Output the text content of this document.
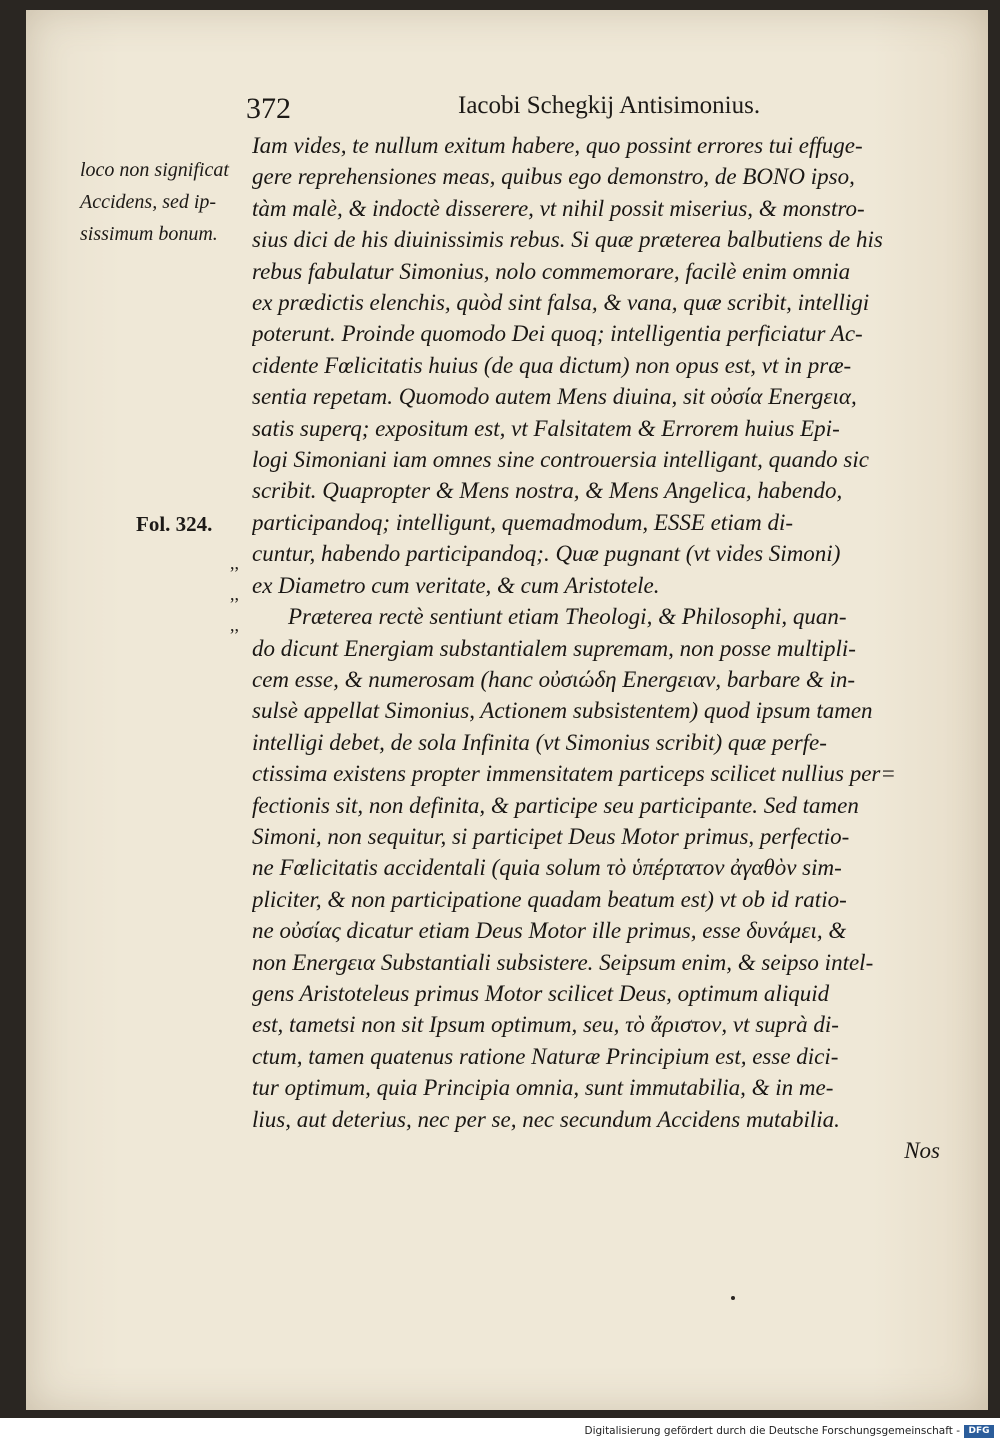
372	Iacobi Schegkij Antisimonius.
loco non significat
Accidens, sed ip-
sissimum bonum.
Fol. 324.
,,
,,
,,
Iam vides, te nullum exitum habere, quo possint errores tui effuge-
gere reprehensiones meas, quibus ego demonstro, de BONO ipso,
tàm malè, & indoctè disserere, vt nihil possit miserius, & monstro-
sius dici de his diuinissimis rebus. Si quæ præterea balbutiens de his
rebus fabulatur Simonius, nolo commemorare, facilè enim omnia
ex prædictis elenchis, quòd sint falsa, & vana, quæ scribit, intelligi
poterunt. Proinde quomodo Dei quoq; intelligentia perficiatur Ac-
cidente Fœlicitatis huius (de qua dictum) non opus est, vt in præ-
sentia repetam. Quomodo autem Mens diuina, sit οὐσία Energεια,
satis superq; expositum est, vt Falsitatem & Errorem huius Epi-
logi Simoniani iam omnes sine controuersia intelligant, quando sic
scribit. Quapropter & Mens nostra, & Mens Angelica, habendo,
participandoq; intelligunt, quemadmodum, ESSE etiam di-
cuntur, habendo participandoq;. Quæ pugnant (vt vides Simoni)
ex Diametro cum veritate, & cum Aristotele.
Præterea rectè sentiunt etiam Theologi, & Philosophi, quan-
do dicunt Energiam substantialem supremam, non posse multipli-
cem esse, & numerosam (hanc οὐσιώδη Energειαν, barbare & in-
sulsè appellat Simonius, Actionem subsistentem) quod ipsum tamen
intelligi debet, de sola Infinita (vt Simonius scribit) quæ perfe-
ctissima existens propter immensitatem particeps scilicet nullius per=
fectionis sit, non definita, & participe seu participante. Sed tamen
Simoni, non sequitur, si participet Deus Motor primus, perfectio-
ne Fœlicitatis accidentali (quia solum τὸ ὑπέρτατον ἀγαθὸν sim-
pliciter, & non participatione quadam beatum est) vt ob id ratio-
ne οὐσίας dicatur etiam Deus Motor ille primus, esse δυνάμει, &
non Energεια Substantiali subsistere. Seipsum enim, & seipso intel-
gens Aristoteleus primus Motor scilicet Deus, optimum aliquid
est, tametsi non sit Ipsum optimum, seu, τὸ ἄριστον, vt suprà di-
ctum, tamen quatenus ratione Naturæ Principium est, esse dici-
tur optimum, quia Principia omnia, sunt immutabilia, & in me-
lius, aut deterius, nec per se, nec secundum Accidens mutabilia.
Nos
Digitalisierung gefördert durch die Deutsche Forschungsgemeinschaft - DFG
